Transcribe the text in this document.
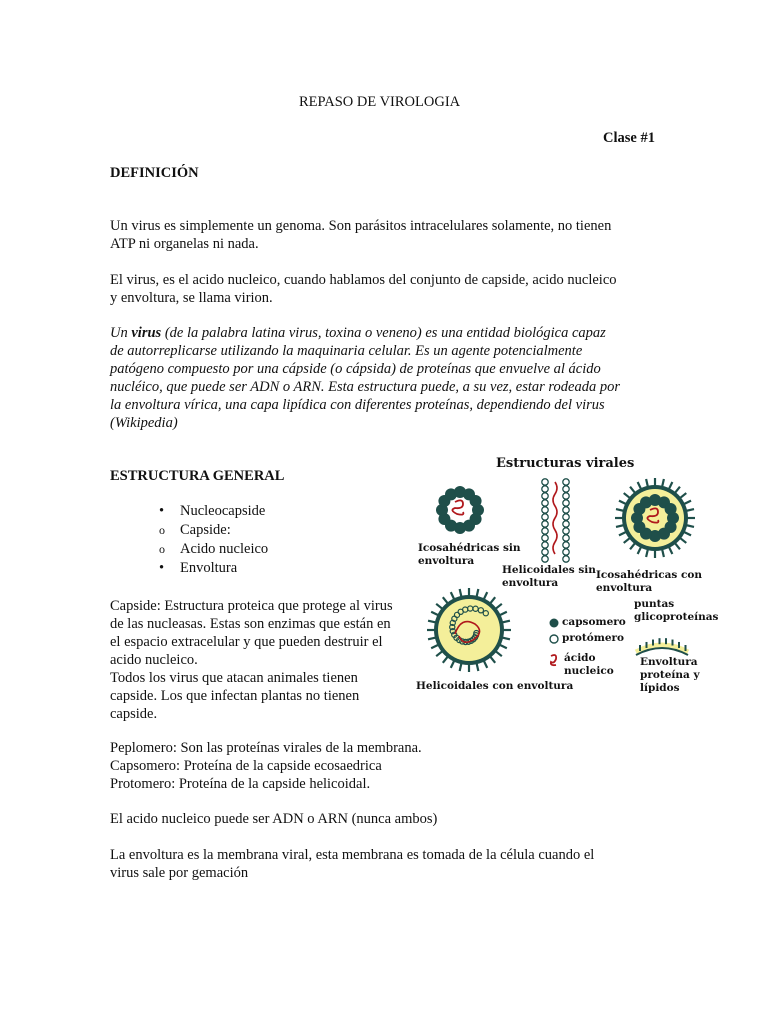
REPASO DE VIROLOGIA

Clase #1

DEFINICIÓN

Un virus es simplemente un genoma. Son parásitos intracelulares solamente, no tienen
ATP ni organelas ni nada.
El virus, es el acido nucleico, cuando hablamos del conjunto de capside, acido nucleico
y envoltura, se llama virion.
Un virus (de la palabra latina virus, toxina o veneno) es una entidad biológica capaz
de autorreplicarse utilizando la maquinaria celular. Es un agente potencialmente
patógeno compuesto por una cápside (o cápsida) de proteínas que envuelve al ácido
nucléico, que puede ser ADN o ARN. Esta estructura puede, a su vez, estar rodeada por
la envoltura vírica, una capa lipídica con diferentes proteínas, dependiendo del virus
(Wikipedia)

ESTRUCTURA GENERAL

• Nucleocapside
o Capside:
o Acido nucleico
• Envoltura
Capside: Estructura proteica que protege al virus
de las nucleasas. Estas son enzimas que están en
el espacio extracelular y que pueden destruir el
acido nucleico.
Todos los virus que atacan animales tienen
capside. Los que infectan plantas no tienen
capside.
Peplomero: Son las proteínas virales de la membrana.
Capsomero: Proteína de la capside ecosaedrica
Protomero: Proteína de la capside helicoidal.

El acido nucleico puede ser ADN o ARN (nunca ambos)

La envoltura es la membrana viral, esta membrana es tomada de la célula cuando el
virus sale por gemación

Estructuras virales

Icosahédricas sin
envoltura

Helicoidales sin
envoltura

Icosahédricas con envoltura

Helicoidales con envoltura

capsomero

protómero

ácido
nucleico

puntas
glicoproteínas

Envoltura
proteína y
lípidos
